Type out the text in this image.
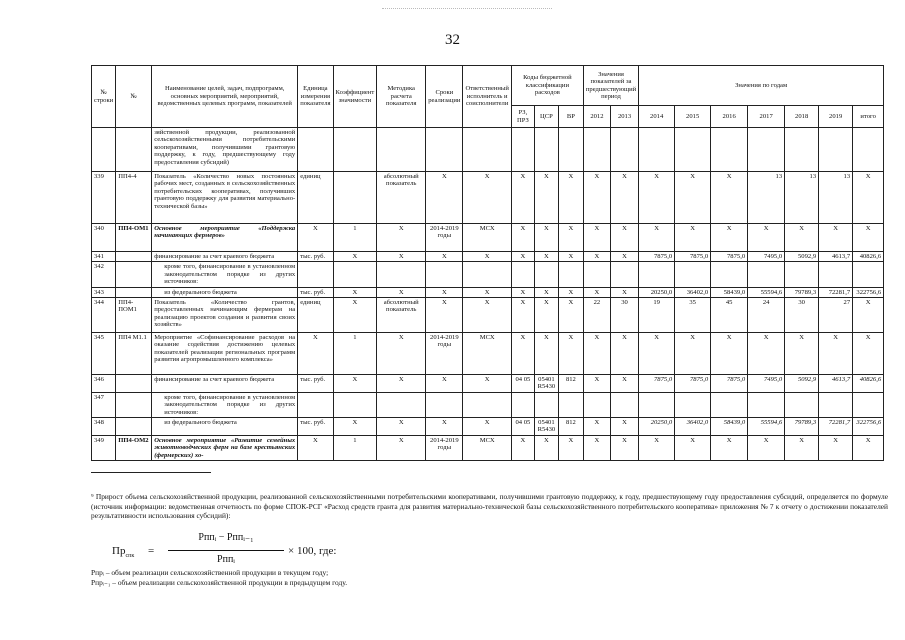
32
№ строки	№	Наименование целей, задач, подпрограмм, основных мероприятий, мероприятий, ведомственных целевых программ, показателей	Единица измерения показателя	Коэффициент значимости	Методика расчета показателя	Сроки реализации	Ответственный исполнитель и соисполнители	Коды бюджетной классификации расходов			Значения показателей за предшествующий период		Значения по годам						
								РЗ, ПРЗ	ЦСР	ВР	2012	2013	2014	2015	2016	2017	2018	2019	итого
		зяйственной продукции, реализованной сельскохозяйственными потребительскими кооперативами, получившими грантовую поддержку, к году, предшествующему году предоставления субсидий)																	
339	ПП4-4	Показатель «Количество новых постоянных рабочих мест, созданных в сельскохозяйственных потребительских кооперативах, получивших грантовую поддержку для развития материально-технической базы»	единиц		абсолютный показатель	X	X	X	X	X	X	X	X	X	X	13	13	13	X
340	ПП4-ОМ1	Основное мероприятие «Поддержка начинающих фермеров»	X	1	X	2014-2019 годы	МСХ	X	X	X	X	X	X	X	X	X	X	X	X
341		финансирование за счет краевого бюджета	тыс. руб.	X	X	X	X	X	X	X	X	X	7875,0	7875,0	7875,0	7495,0	5092,9	4613,7	40826,6
342		кроме того, финансирование в установленном законодательством порядке из других источников:																	
343		из федерального бюджета	тыс. руб.	X	X	X	X	X	X	X	X	X	20250,0	36402,0	58439,0	55594,6	79789,3	72281,7	322756,6
344	ПП4-ПОМ1	Показатель «Количество грантов, предоставленных начинающим фермерам на реализацию проектов создания и развития своих хозяйств»	единиц	X	абсолютный показатель	X	X	X	X	X	22	30	19	35	45	24	30	27	X
345	ПП4 М1.1	Мероприятие «Софинансирование расходов на оказание содействия достижению целевых показателей реализации региональных программ развития агропромышленного комплекса»	X	1	X	2014-2019 годы	МСХ	X	X	X	X	X	X	X	X	X	X	X	X
346		финансирование за счет краевого бюджета	тыс. руб.	X	X	X	X	04 05	05401 R5430	812	X	X	7875,0	7875,0	7875,0	7495,0	5092,9	4613,7	40826,6
347		кроме того, финансирование в установленном законодательством порядке из других источников:																	
348		из федерального бюджета	тыс. руб.	X	X	X	X	04 05	05401 R5430	812	X	X	20250,0	36402,0	58439,0	55594,6	79789,3	72281,7	322756,6
349	ПП4-ОМ2	Основное мероприятие «Развитие семейных животноводческих ферм на базе крестьянских (фермерских) хо-	X	1	X	2014-2019 годы	МСХ	X	X	X	X	X	X	X	X	X	X	X	X
⁹ Прирост объема сельскохозяйственной продукции, реализованной сельскохозяйственными потребительскими кооперативами, получившими грантовую поддержку, к году, предшествующему году предоставления субсидий, определяется по формуле (источник информации: ведомственная отчетность по форме СПОК-РСГ «Расход средств гранта для развития материально-технической базы сельскохозяйственного потребительского кооператива» приложения № 7 к отчету о достижении показателей результативности использования субсидий):
$Пр_{спк}$ =
Рппᵢ − Рппᵢ₋₁
Рппᵢ
× 100, где:
Pпрᵢ – объем реализации сельскохозяйственной продукции в текущем году;
Pпрᵢ₋₁ – объем реализации сельскохозяйственной продукции в предыдущем году.
